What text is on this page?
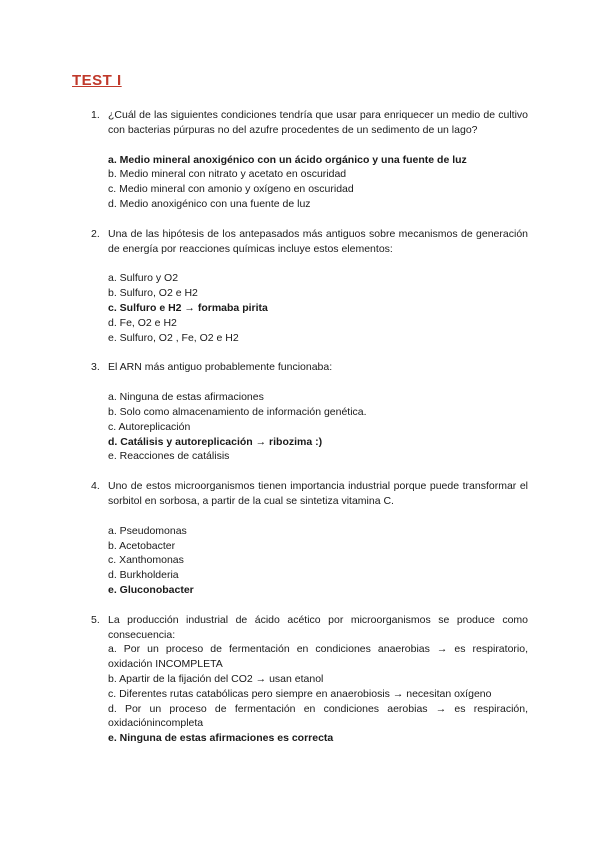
TEST I
1. ¿Cuál de las siguientes condiciones tendría que usar para enriquecer un medio de cultivo con bacterias púrpuras no del azufre procedentes de un sedimento de un lago?
a. Medio mineral anoxigénico con un ácido orgánico y una fuente de luz
b. Medio mineral con nitrato y acetato en oscuridad
c. Medio mineral con amonio y oxígeno en oscuridad
d. Medio anoxigénico con una fuente de luz
2. Una de las hipótesis de los antepasados más antiguos sobre mecanismos de generación de energía por reacciones químicas incluye estos elementos:
a. Sulfuro y O2
b. Sulfuro, O2 e H2
c. Sulfuro e H2 → formaba pirita
d. Fe, O2 e H2
e. Sulfuro, O2 , Fe, O2 e H2
3. El ARN más antiguo probablemente funcionaba:
a. Ninguna de estas afirmaciones
b. Solo como almacenamiento de información genética.
c. Autoreplicación
d. Catálisis y autoreplicación → ribozima :)
e. Reacciones de catálisis
4. Uno de estos microorganismos tienen importancia industrial porque puede transformar el sorbitol en sorbosa, a partir de la cual se sintetiza vitamina C.
a. Pseudomonas
b. Acetobacter
c. Xanthomonas
d. Burkholderia
e. Gluconobacter
5. La producción industrial de ácido acético por microorganismos se produce como consecuencia:
a. Por un proceso de fermentación en condiciones anaerobias → es respiratorio, oxidación INCOMPLETA
b. Apartir de la fijación del CO2 → usan etanol
c. Diferentes rutas catabólicas pero siempre en anaerobiosis → necesitan oxígeno
d. Por un proceso de fermentación en condiciones aerobias → es respiración, oxidaciónincompleta
e. Ninguna de estas afirmaciones es correcta
